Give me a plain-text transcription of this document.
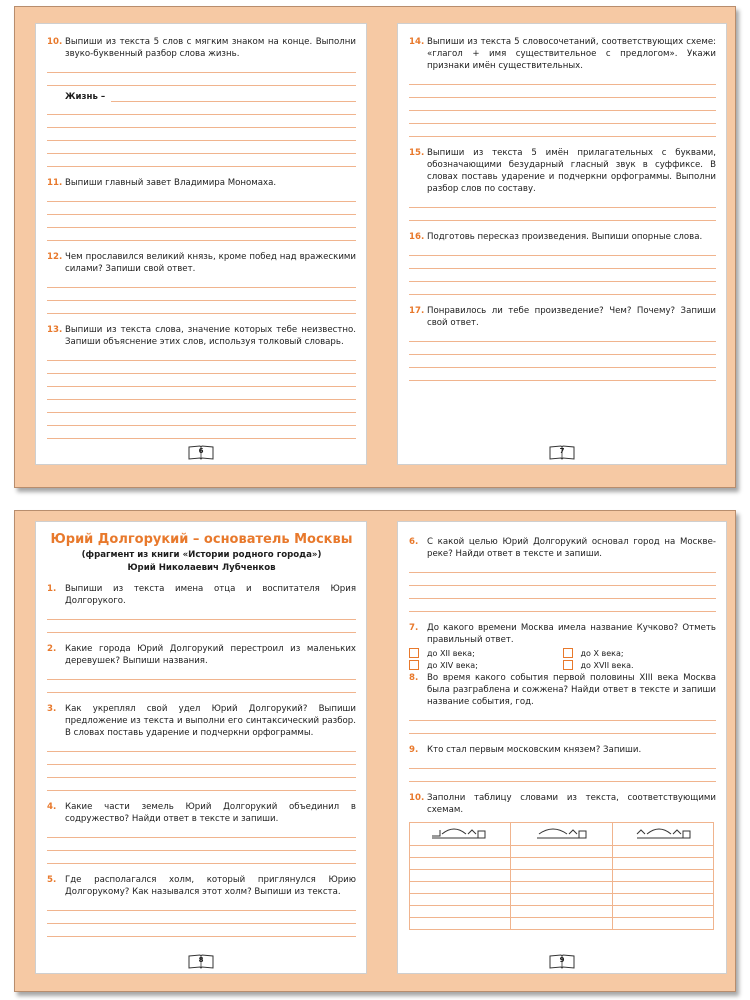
10. Выпиши из текста 5 слов с мягким знаком на конце. Выполни звуко-буквенный разбор слова жизнь.
Жизнь –
11. Выпиши главный завет Владимира Мономаха.
12. Чем прославился великий князь, кроме побед над вражескими силами? Запиши свой ответ.
13. Выпиши из текста слова, значение которых тебе неизвестно. Запиши объяснение этих слов, используя толковый словарь.
6
14. Выпиши из текста 5 словосочетаний, соответствующих схеме: «глагол + имя существительное с предлогом». Укажи признаки имён существительных.
15. Выпиши из текста 5 имён прилагательных с буквами, обозначающими безударный гласный звук в суффиксе. В словах поставь ударение и подчеркни орфограммы. Выполни разбор слов по составу.
16. Подготовь пересказ произведения. Выпиши опорные слова.
17. Понравилось ли тебе произведение? Чем? Почему? Запиши свой ответ.
7
Юрий Долгорукий – основатель Москвы
(фрагмент из книги «Истории родного города»)
Юрий Николаевич Лубченков
1. Выпиши из текста имена отца и воспитателя Юрия Долгорукого.
2. Какие города Юрий Долгорукий перестроил из маленьких деревушек? Выпиши названия.
3. Как укреплял свой удел Юрий Долгорукий? Выпиши предложение из текста и выполни его синтаксический разбор. В словах поставь ударение и подчеркни орфограммы.
4. Какие части земель Юрий Долгорукий объединил в содружество? Найди ответ в тексте и запиши.
5. Где располагался холм, который приглянулся Юрию Долгорукому? Как назывался этот холм? Выпиши из текста.
8
6. С какой целью Юрий Долгорукий основал город на Москве-реке? Найди ответ в тексте и запиши.
7. До какого времени Москва имела название Кучково? Отметь правильный ответ.
до XII века;	до X века;
до XIV века;	до XVII века.
8. Во время какого события первой половины XIII века Москва была разграблена и сожжена? Найди ответ в тексте и запиши название события, год.
9. Кто стал первым московским князем? Запиши.
10. Заполни таблицу словами из текста, соответствующими схемам.

9
